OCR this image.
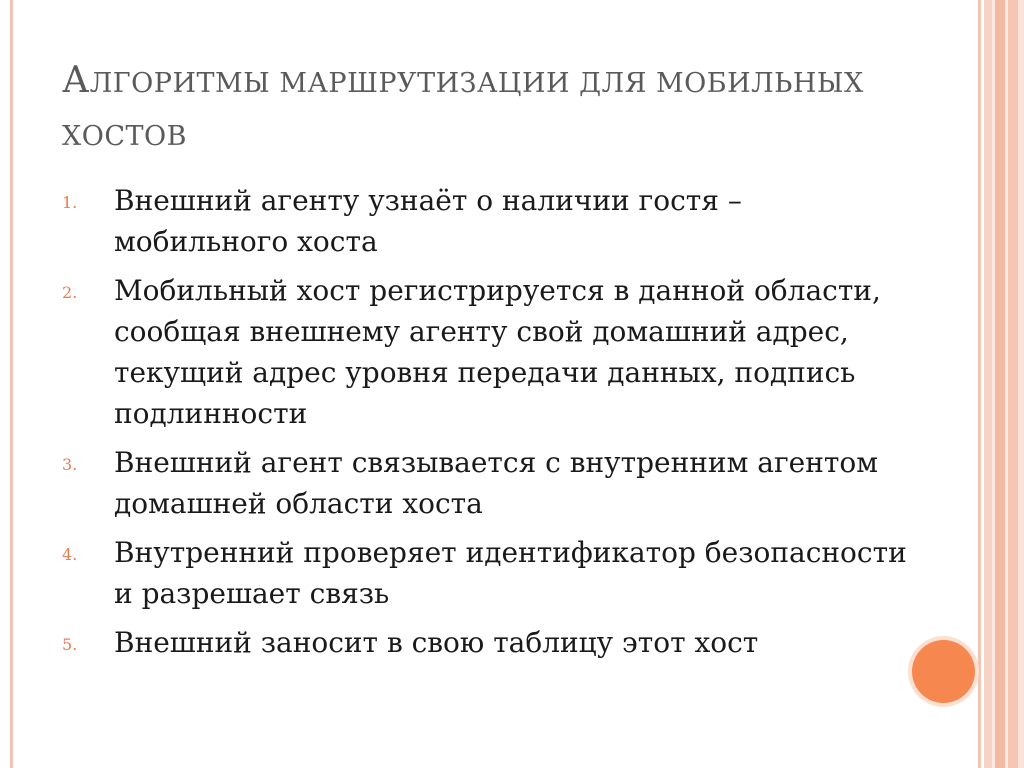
АЛГОРИТМЫ МАРШРУТИЗАЦИИ ДЛЯ МОБИЛЬНЫХ ХОСТОВ
1.	Внешний агенту узнаёт о наличии гостя – мобильного хоста
2.	Мобильный хост регистрируется в данной области, сообщая внешнему агенту свой домашний адрес, текущий адрес уровня передачи данных, подпись подлинности
3.	Внешний агент связывается с внутренним агентом домашней области хоста
4.	Внутренний проверяет идентификатор безопасности и разрешает связь
5.	Внешний заносит в свою таблицу этот хост
